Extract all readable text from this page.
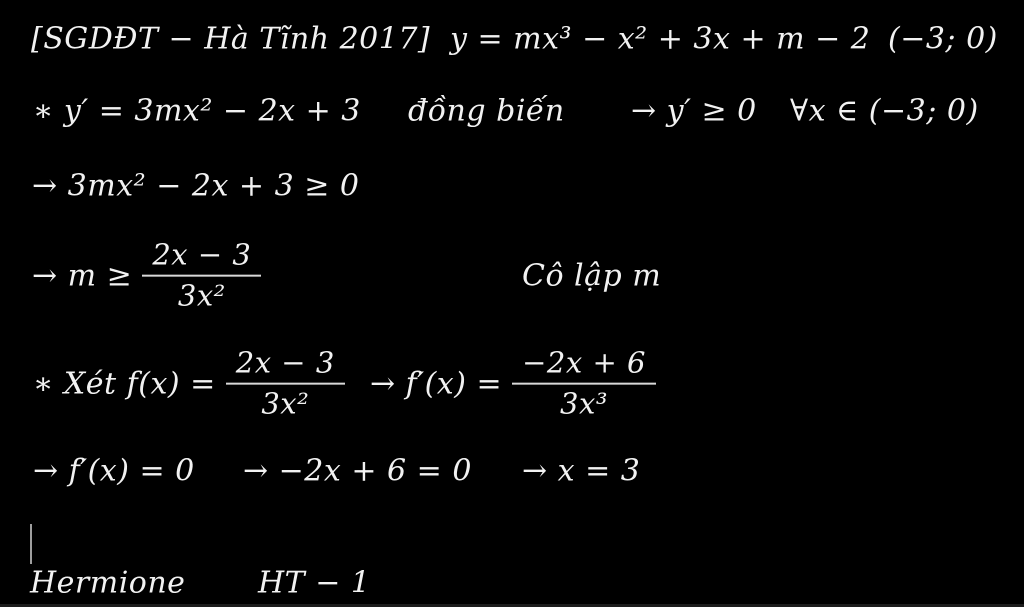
[SGDĐT − Hà Tĩnh 2017] y = mx³ − x² + 3x + m − 2 (−3; 0)
∗ y′ = 3mx² − 2x + 3 đồng biến → y′ ≥ 0 ∀x ∈ (−3; 0)
→ 3mx² − 2x + 3 ≥ 0
→ $m \ge \frac{2x - 3}{\text{3x²}}$	Cô lập m
∗ Xét $f(x) = \frac{2x - 3}{\text{3x²}} \to f'(x) = \frac{-2x + 6}{\text{3x³}}$
→ f′(x) = 0 → −2x + 6 = 0 → x = 3
Hermione HT − 1
